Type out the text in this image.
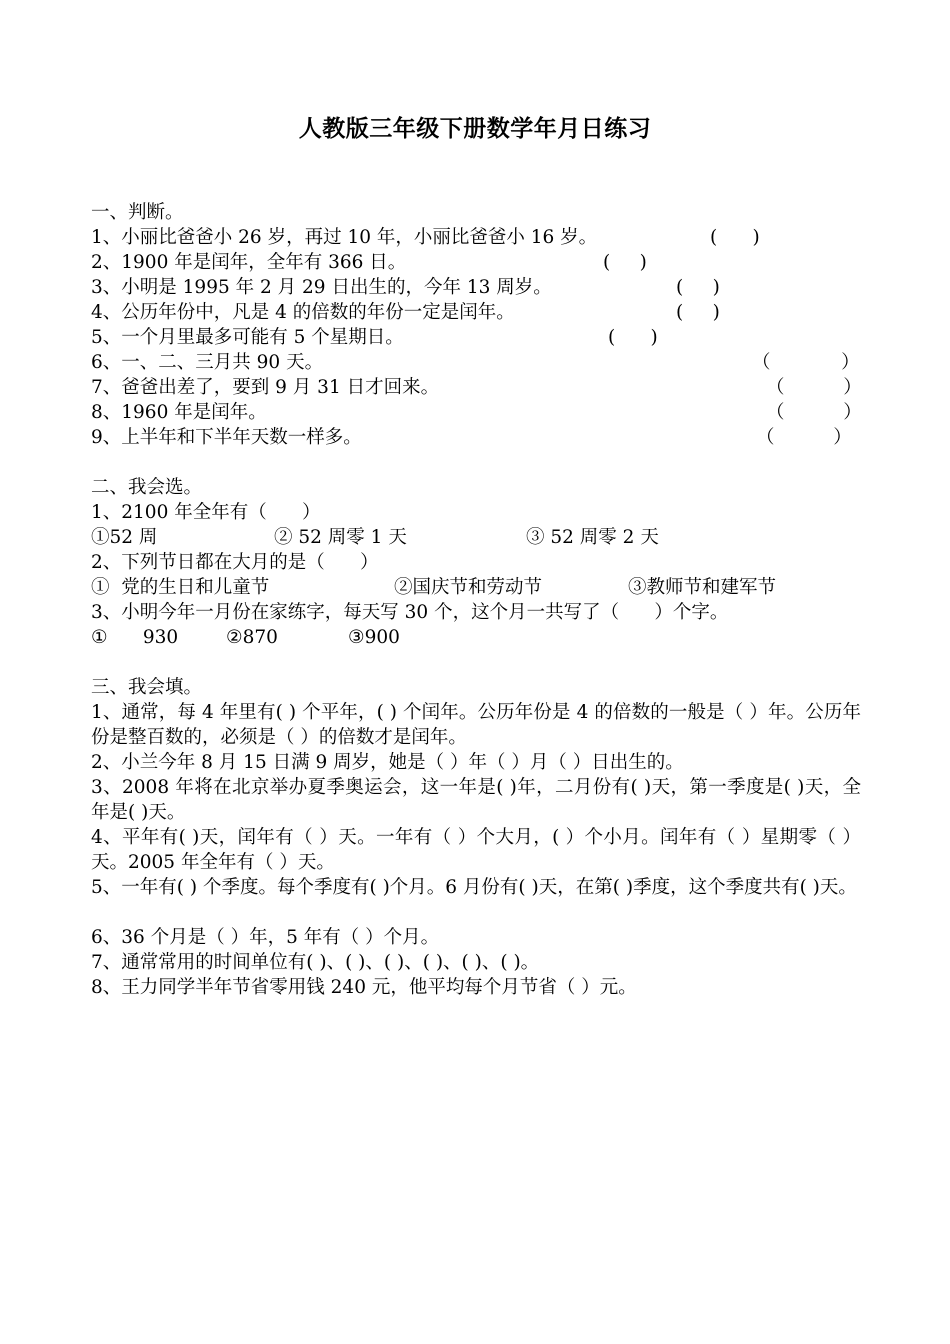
人教版三年级下册数学年月日练习
一、判断。
1、小丽比爸爸小 26 岁，再过 10 年，小丽比爸爸小 16 岁。	(      )
2、1900 年是闰年，全年有 366 日。	(     )
3、小明是 1995 年 2 月 29 日出生的，今年 13 周岁。	(     )
4、公历年份中，凡是 4 的倍数的年份一定是闰年。	(     )
5、一个月里最多可能有 5 个星期日。	(      )
6、一、二、三月共 90 天。	（            ）
7、爸爸出差了，要到 9 月 31 日才回来。	（          ）
8、1960 年是闰年。	（          ）
9、上半年和下半年天数一样多。	（          ）
二、我会选。
1、2100 年全年有（      ）
①52 周	② 52 周零 1 天	③ 52 周零 2 天
2、下列节日都在大月的是（      ）
①  党的生日和儿童节	②国庆节和劳动节	③教师节和建军节
3、小明今年一月份在家练字，每天写 30 个，这个月一共写了（      ）个字。
①      930	②870	③900
三、我会填。
1、通常，每 4 年里有( ) 个平年，( ) 个闰年。公历年份是 4 的倍数的一般是（ ）年。公历年份是整百数的，必须是（ ）的倍数才是闰年。
2、小兰今年 8 月 15 日满 9 周岁，她是（ ）年（ ）月（ ）日出生的。
3、2008 年将在北京举办夏季奥运会，这一年是( )年，二月份有( )天，第一季度是( )天，全年是( )天。
4、平年有( )天，闰年有（ ）天。一年有（ ）个大月，( ）个小月。闰年有（ ）星期零（ ）天。2005 年全年有（ ）天。
5、一年有( ) 个季度。每个季度有( )个月。6 月份有( )天，在第( )季度，这个季度共有( )天。
6、36 个月是（ ）年，5 年有（ ）个月。
7、通常常用的时间单位有( )、( )、( )、( )、( )、( )。
8、王力同学半年节省零用钱 240 元，他平均每个月节省（ ）元。
